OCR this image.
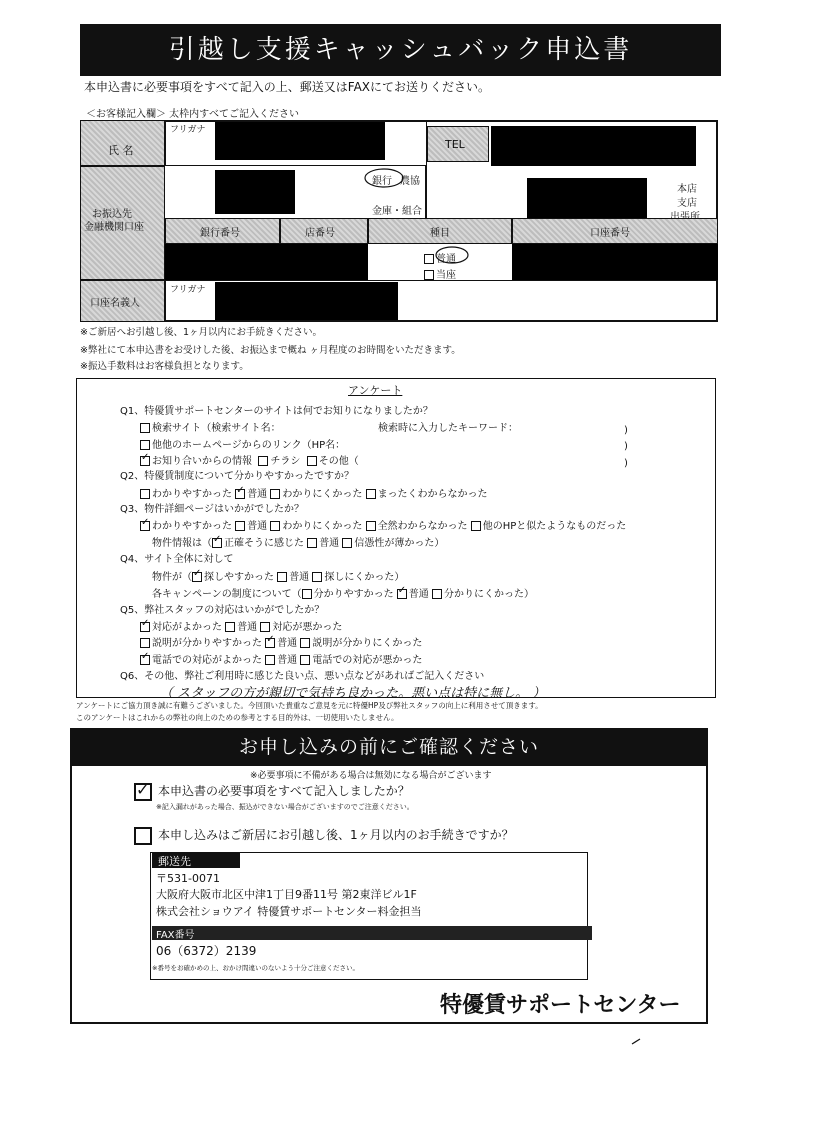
引越し支援キャッシュバック申込書
本申込書に必要事項をすべて記入の上、郵送又はFAXにてお送りください。
＜お客様記入欄＞ 太枠内すべてご記入ください
氏 名
フリガナ
TEL
お振込先
金融機関口座
銀行 農協
金庫・組合
本店
支店
銀行番号	店番号	種目	口座番号
普通
当座
口座名義人
フリガナ
※ご新居へお引越し後、1ヶ月以内にお手続きください。
※弊社にて本申込書をお受けした後、お振込まで概ね ヶ月程度のお時間をいただきます。
※振込手数料はお客様負担となります。
アンケート
Q1、特優賃サポートセンターのサイトは何でお知りになりましたか？
検索サイト（検索サイト名：	検索時に入力したキーワード：
他他のホームページからのリンク（HP名：
)
)
)
✓お知り合いからの情報 チラシ その他（
Q2、特優賃制度について分かりやすかったですか？
わかりやすかった ✓ 普通 わかりにくかった まったくわからなかった
Q3、物件詳細ページはいかがでしたか？
✓わかりやすかった 普通 わかりにくかった 全然わからなかった 他のHPと似たようなものだった
物件情報は（ ✓ 正確そうに感じた 普通 信憑性が薄かった）
Q4、サイト全体に対して
物件が（ ✓ 探しやすかった 普通 探しにくかった）
各キャンペーンの制度について（ 分かりやすかった ✓ 普通 分かりにくかった）
Q5、弊社スタッフの対応はいかがでしたか？
✓対応がよかった 普通 対応が悪かった
説明が分かりやすかった ✓ 普通 説明が分かりにくかった
✓電話での対応がよかった 普通 電話での対応が悪かった
Q6、その他、弊社ご利用時に感じた良い点、悪い点などがあればご記入ください
（ スタッフの方が親切で気持ち良かった。悪い点は特に無し。 ）
アンケートにご協力頂き誠に有難うございました。今回頂いた貴重なご意見を元に特優HP及び弊社スタッフの向上に利用させて頂きます。
このアンケートはこれからの弊社の向上のための参考とする目的外は、一切使用いたしません。
お申し込みの前にご確認ください
※必要事項に不備がある場合は無効になる場合がございます
✓本申込書の必要事項をすべて記入しましたか？
※記入漏れがあった場合、振込ができない場合がございますのでご注意ください。
本申し込みはご新居にお引越し後、1ヶ月以内のお手続きですか？
郵送先
〒531-0071
大阪府大阪市北区中津1丁目9番11号 第2東洋ビル1F
株式会社ショウアイ 特優賃サポートセンター料金担当
FAX番号
06（6372）2139
※番号をお確かめの上、おかけ間違いのないよう十分ご注意ください。
特優賃サポートセンター
